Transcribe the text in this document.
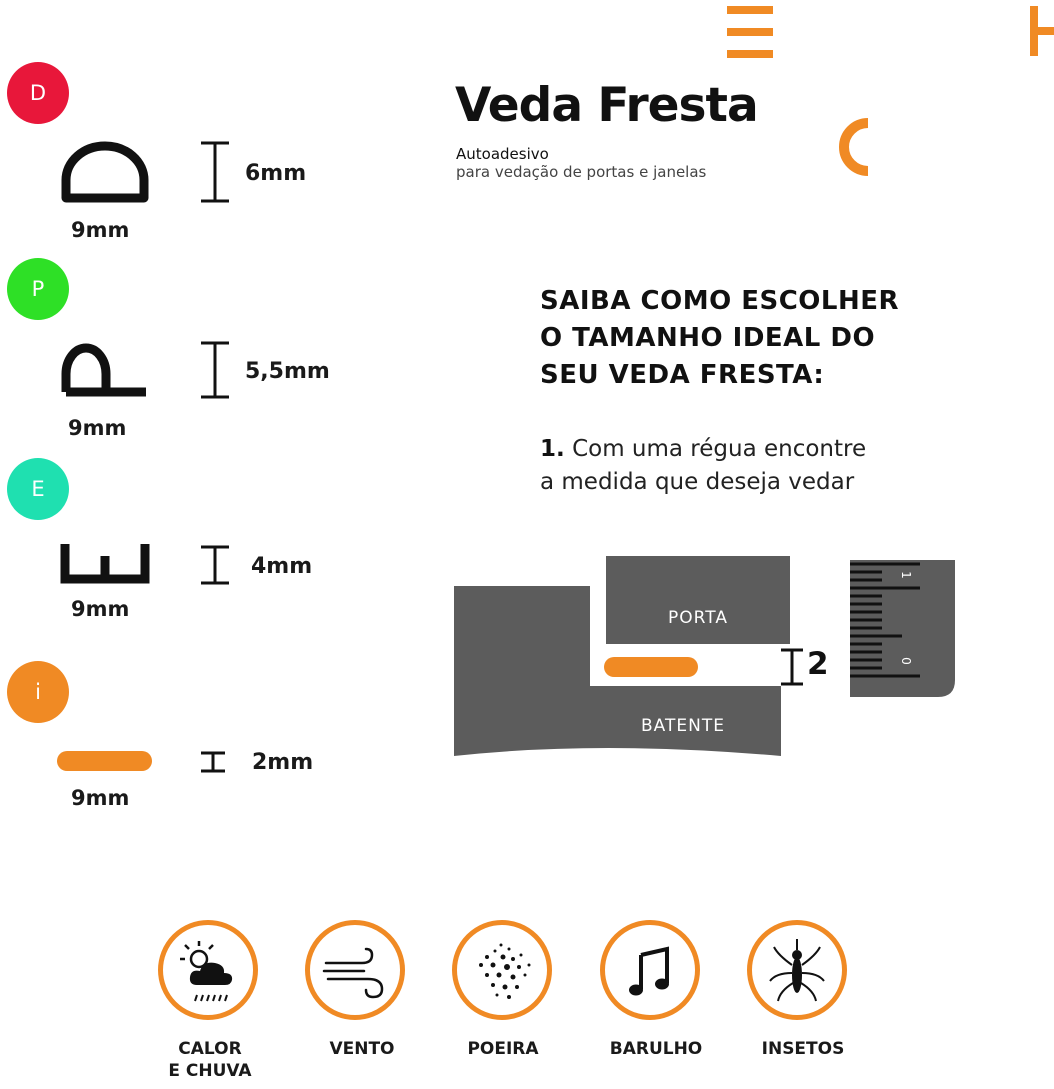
Veda Fresta
Autoadesivo
para vedação de portas e janelas
D
6mm
9mm
P
5,5mm
9mm
E
4mm
9mm
i
2mm
9mm
SAIBA COMO ESCOLHER
O TAMANHO IDEAL DO
SEU VEDA FRESTA:
1. Com uma régua encontre
a medida que deseja vedar
PORTA
BATENTE
2
1
0
CALOR
E CHUVA
VENTO	POEIRA	BARULHO	INSETOS
